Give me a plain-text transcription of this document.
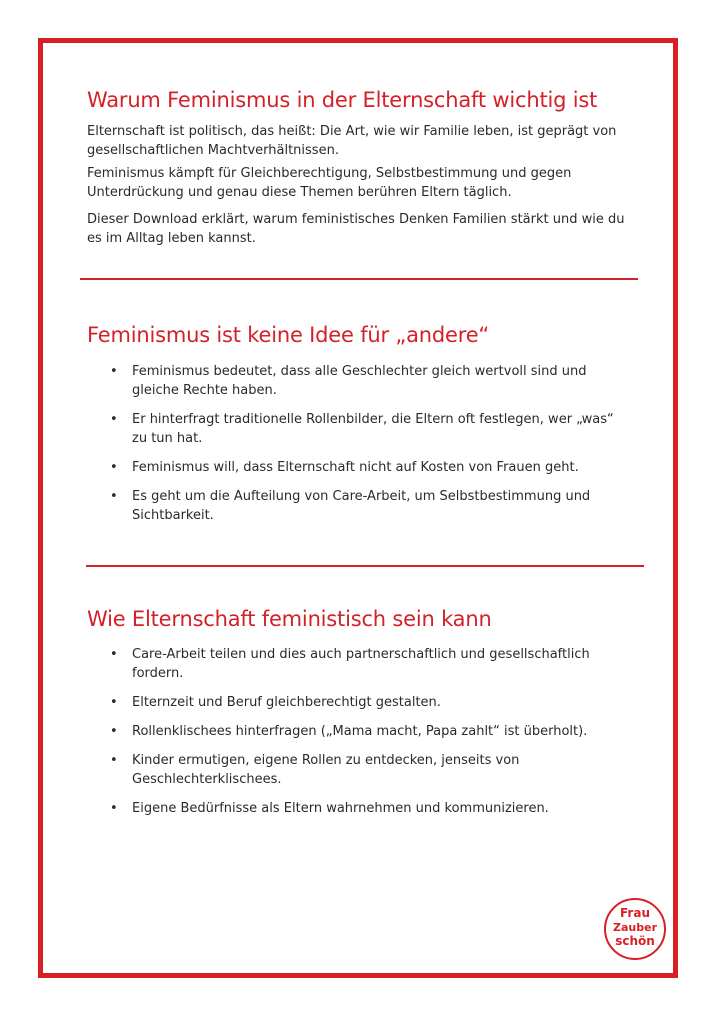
Warum Feminismus in der Elternschaft wichtig ist

Elternschaft ist politisch, das heißt: Die Art, wie wir Familie leben, ist geprägt von gesellschaftlichen Machtverhältnissen.

Feminismus kämpft für Gleichberechtigung, Selbstbestimmung und gegen Unterdrückung und genau diese Themen berühren Eltern täglich.

Dieser Download erklärt, warum feministisches Denken Familien stärkt und wie du es im Alltag leben kannst.

Feminismus ist keine Idee für „andere“
• Feminismus bedeutet, dass alle Geschlechter gleich wertvoll sind und gleiche Rechte haben.
• Er hinterfragt traditionelle Rollenbilder, die Eltern oft festlegen, wer „was“ zu tun hat.
• Feminismus will, dass Elternschaft nicht auf Kosten von Frauen geht.
• Es geht um die Aufteilung von Care-Arbeit, um Selbstbestimmung und Sichtbarkeit.
Wie Elternschaft feministisch sein kann
• Care-Arbeit teilen und dies auch partnerschaftlich und gesellschaftlich fordern.
• Elternzeit und Beruf gleichberechtigt gestalten.
• Rollenklischees hinterfragen („Mama macht, Papa zahlt“ ist überholt).
• Kinder ermutigen, eigene Rollen zu entdecken, jenseits von Geschlechterklischees.
• Eigene Bedürfnisse als Eltern wahrnehmen und kommunizieren.
Frau
Zauber
schön
